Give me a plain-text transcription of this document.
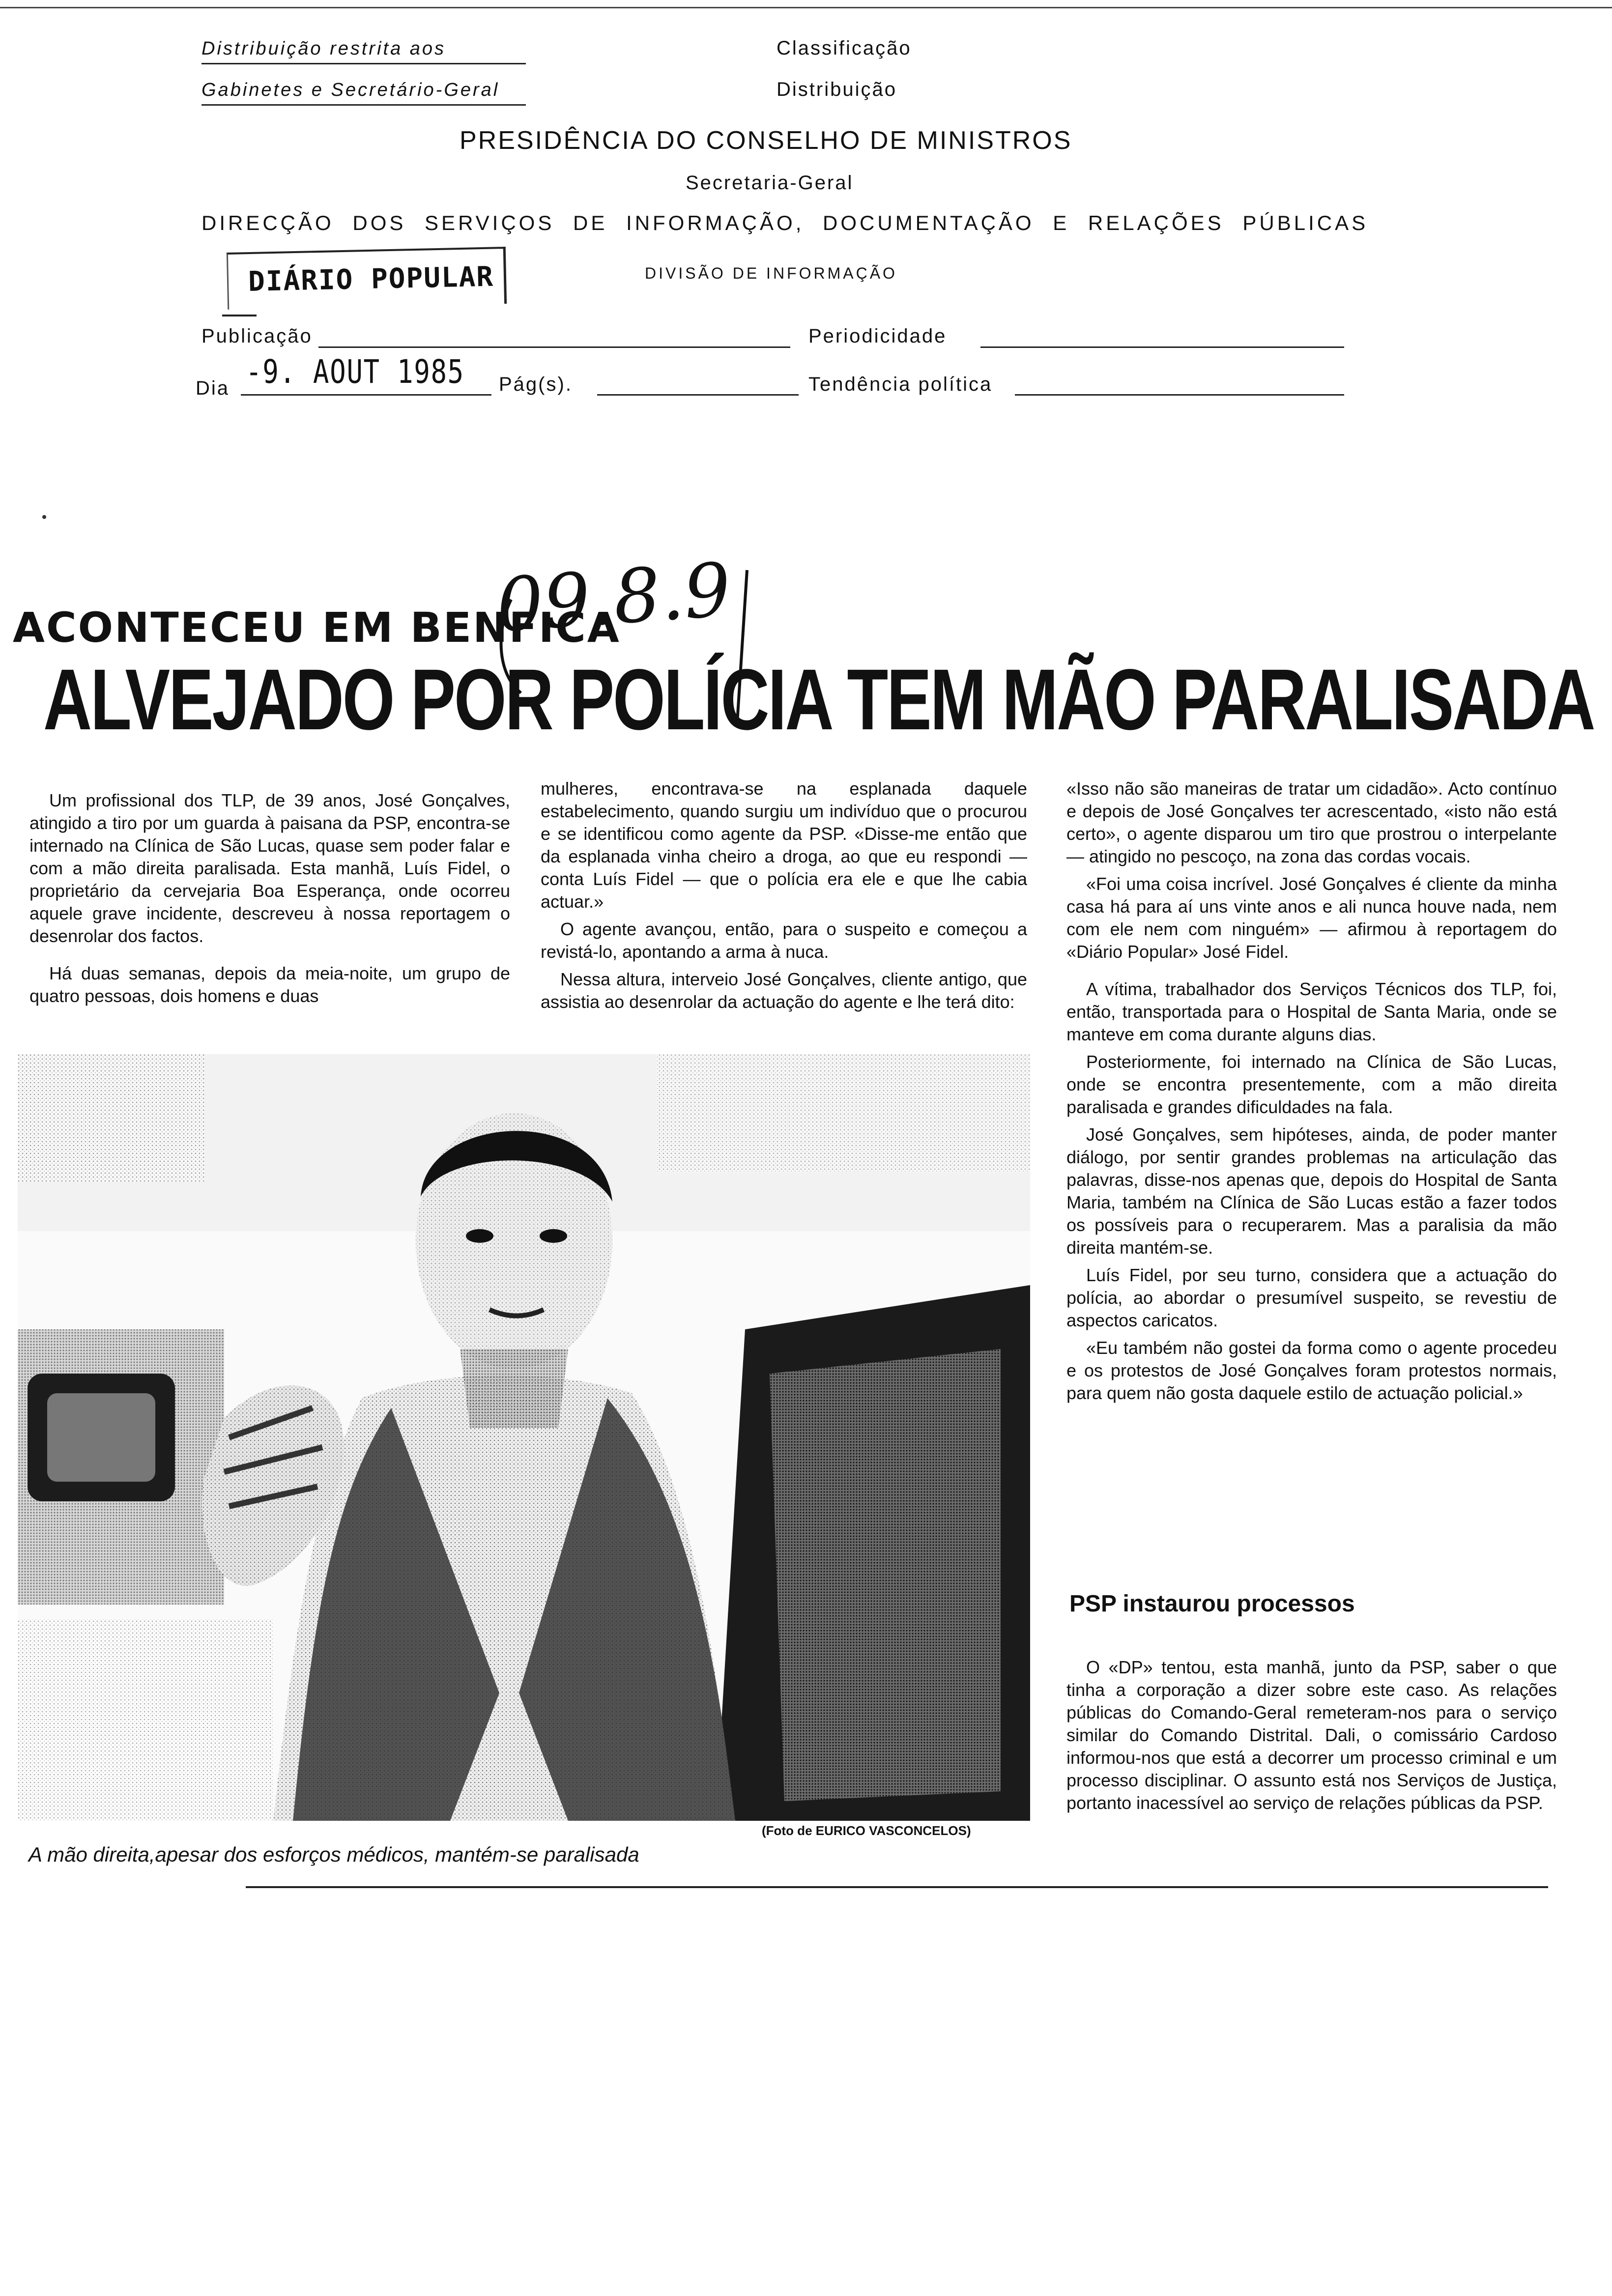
Distribuição restrita aos
Gabinetes e Secretário-Geral
Classificação
Distribuição
PRESIDÊNCIA DO CONSELHO DE MINISTROS
Secretaria-Geral
DIRECÇÃO DOS SERVIÇOS DE INFORMAÇÃO, DOCUMENTAÇÃO E RELAÇÕES PÚBLICAS
DIÁRIO POPULAR	DIVISÃO DE INFORMAÇÃO
Publicação	Periodicidade
Dia -9. AOUT 1985 Pág(s).	Tendência política
ACONTECEU EM BENFICA
ALVEJADO POR POLÍCIA TEM MÃO PARALISADA
09.8.9

Um profissional dos TLP, de 39 anos, José Gonçalves, atingido a tiro por um guarda à paisana da PSP, encontra-se internado na Clínica de São Lucas, quase sem poder falar e com a mão direita paralisada. Esta manhã, Luís Fidel, o proprietário da cervejaria Boa Esperança, onde ocorreu aquele grave incidente, descreveu à nossa reportagem o desenrolar dos factos.

Há duas semanas, depois da meia-noite, um grupo de quatro pessoas, dois homens e duas

mulheres, encontrava-se na esplanada daquele estabelecimento, quando surgiu um indivíduo que o procurou e se identificou como agente da PSP. «Disse-me então que da esplanada vinha cheiro a droga, ao que eu respondi — conta Luís Fidel — que o polícia era ele e que lhe cabia actuar.»

O agente avançou, então, para o suspeito e começou a revistá-lo, apontando a arma à nuca.

Nessa altura, interveio José Gonçalves, cliente antigo, que assistia ao desenrolar da actuação do agente e lhe terá dito:

(Foto de EURICO VASCONCELOS)
A mão direita,apesar dos esforços médicos, mantém-se paralisada

«Isso não são maneiras de tratar um cidadão». Acto contínuo e depois de José Gonçalves ter acrescentado, «isto não está certo», o agente disparou um tiro que prostrou o interpelante — atingido no pescoço, na zona das cordas vocais.

«Foi uma coisa incrível. José Gonçalves é cliente da minha casa há para aí uns vinte anos e ali nunca houve nada, nem com ele nem com ninguém» — afirmou à reportagem do «Diário Popular» José Fidel.

A vítima, trabalhador dos Serviços Técnicos dos TLP, foi, então, transportada para o Hospital de Santa Maria, onde se manteve em coma durante alguns dias.

Posteriormente, foi internado na Clínica de São Lucas, onde se encontra presentemente, com a mão direita paralisada e grandes dificuldades na fala.

José Gonçalves, sem hipóteses, ainda, de poder manter diálogo, por sentir grandes problemas na articulação das palavras, disse-nos apenas que, depois do Hospital de Santa Maria, também na Clínica de São Lucas estão a fazer todos os possíveis para o recuperarem. Mas a paralisia da mão direita mantém-se.

Luís Fidel, por seu turno, considera que a actuação do polícia, ao abordar o presumível suspeito, se revestiu de aspectos caricatos.

«Eu também não gostei da forma como o agente procedeu e os protestos de José Gonçalves foram protestos normais, para quem não gosta daquele estilo de actuação policial.»

PSP instaurou processos

O «DP» tentou, esta manhã, junto da PSP, saber o que tinha a corporação a dizer sobre este caso. As relações públicas do Comando-Geral remeteram-nos para o serviço similar do Comando Distrital. Dali, o comissário Cardoso informou-nos que está a decorrer um processo criminal e um processo disciplinar. O assunto está nos Serviços de Justiça, portanto inacessível ao serviço de relações públicas da PSP.
